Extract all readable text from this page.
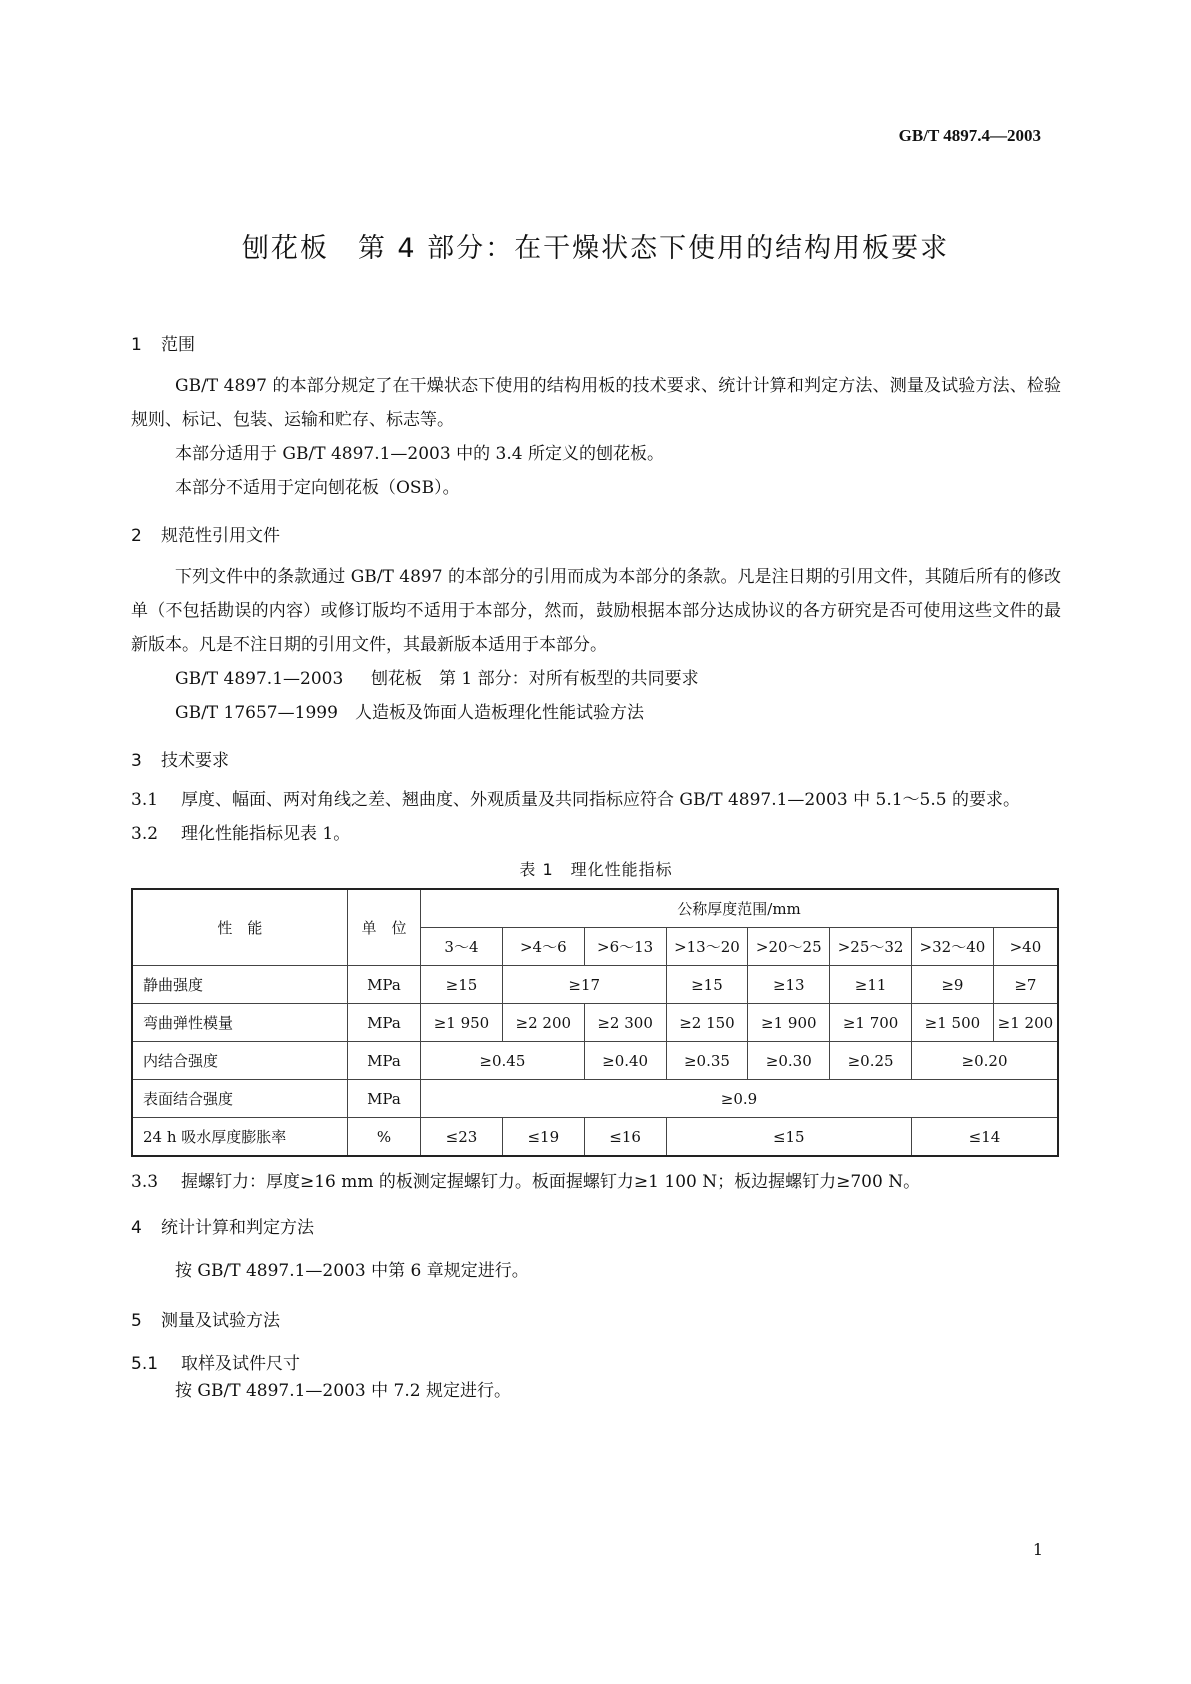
GB/T 4897.4—2003
刨花板　第 4 部分：在干燥状态下使用的结构用板要求
1 范围

GB/T 4897 的本部分规定了在干燥状态下使用的结构用板的技术要求、统计计算和判定方法、测量及试验方法、检验规则、标记、包装、运输和贮存、标志等。

本部分适用于 GB/T 4897.1—2003 中的 3.4 所定义的刨花板。

本部分不适用于定向刨花板（OSB）。

2 规范性引用文件

下列文件中的条款通过 GB/T 4897 的本部分的引用而成为本部分的条款。凡是注日期的引用文件，其随后所有的修改单（不包括勘误的内容）或修订版均不适用于本部分，然而，鼓励根据本部分达成协议的各方研究是否可使用这些文件的最新版本。凡是不注日期的引用文件，其最新版本适用于本部分。

GB/T 4897.1—2003 刨花板　第 1 部分：对所有板型的共同要求

GB/T 17657—1999 人造板及饰面人造板理化性能试验方法

3 技术要求
3.1 厚度、幅面、两对角线之差、翘曲度、外观质量及共同指标应符合 GB/T 4897.1—2003 中 5.1～5.5 的要求。
3.2 理化性能指标见表 1。
表 1　理化性能指标
性　能	单　位	公称厚度范围/mm							
		3～4	>4～6	>6～13	>13～20	>20～25	>25～32	>32～40	>40
静曲强度	MPa	≥15	≥17		≥15	≥13	≥11	≥9	≥7
弯曲弹性模量	MPa	≥1 950	≥2 200	≥2 300	≥2 150	≥1 900	≥1 700	≥1 500	≥1 200
内结合强度	MPa	≥0.45		≥0.40	≥0.35	≥0.30	≥0.25	≥0.20	
表面结合强度	MPa	≥0.9							
24 h 吸水厚度膨胀率	%	≤23	≤19	≤16	≤15			≤14	
3.3 握螺钉力：厚度≥16 mm 的板测定握螺钉力。板面握螺钉力≥1 100 N；板边握螺钉力≥700 N。
4 统计计算和判定方法

按 GB/T 4897.1—2003 中第 6 章规定进行。

5 测量及试验方法
5.1 取样及试件尺寸

按 GB/T 4897.1—2003 中 7.2 规定进行。

1
